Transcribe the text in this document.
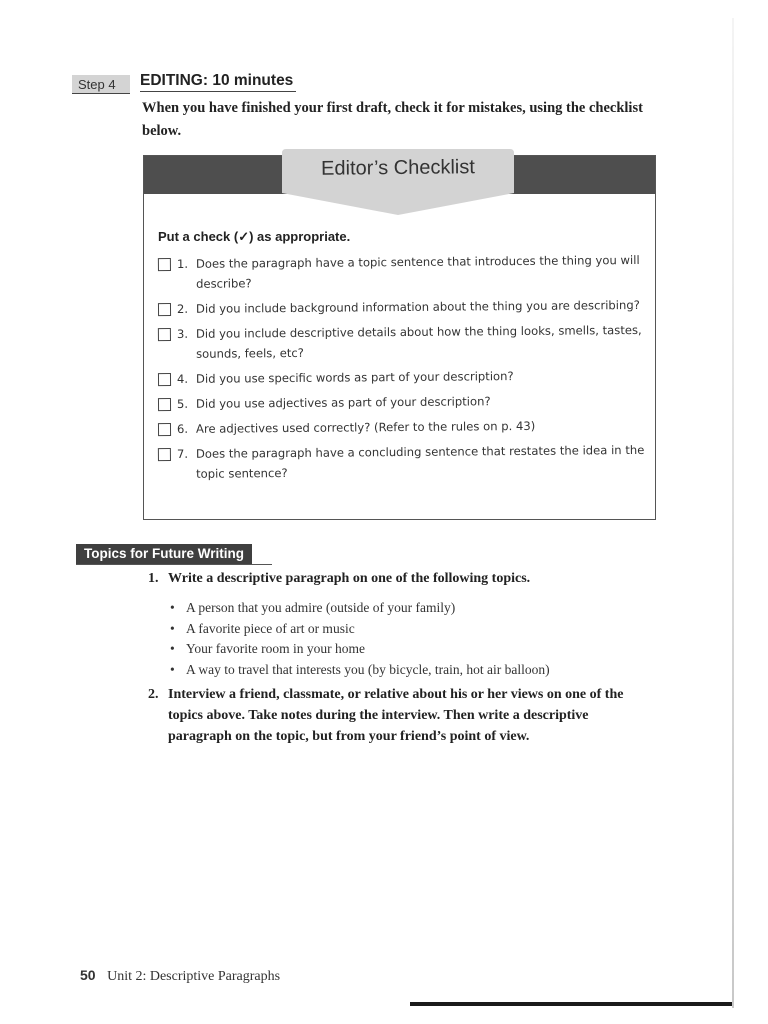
Step 4	EDITING: 10 minutes
When you have finished your first draft, check it for mistakes, using the checklist below.
Editor’s Checklist
Put a check (✓) as appropriate.
1. Does the paragraph have a topic sentence that introduces the thing you will describe?
2. Did you include background information about the thing you are describing?
3. Did you include descriptive details about how the thing looks, smells, tastes, sounds, feels, etc?
4. Did you use specific words as part of your description?
5. Did you use adjectives as part of your description?
6. Are adjectives used correctly? (Refer to the rules on p. 43)
7. Does the paragraph have a concluding sentence that restates the idea in the topic sentence?
Topics for Future Writing
1. Write a descriptive paragraph on one of the following topics.
• A person that you admire (outside of your family)
• A favorite piece of art or music
• Your favorite room in your home
• A way to travel that interests you (by bicycle, train, hot air balloon)
2. Interview a friend, classmate, or relative about his or her views on one of the topics above. Take notes during the interview. Then write a descriptive paragraph on the topic, but from your friend’s point of view.
50 Unit 2: Descriptive Paragraphs
